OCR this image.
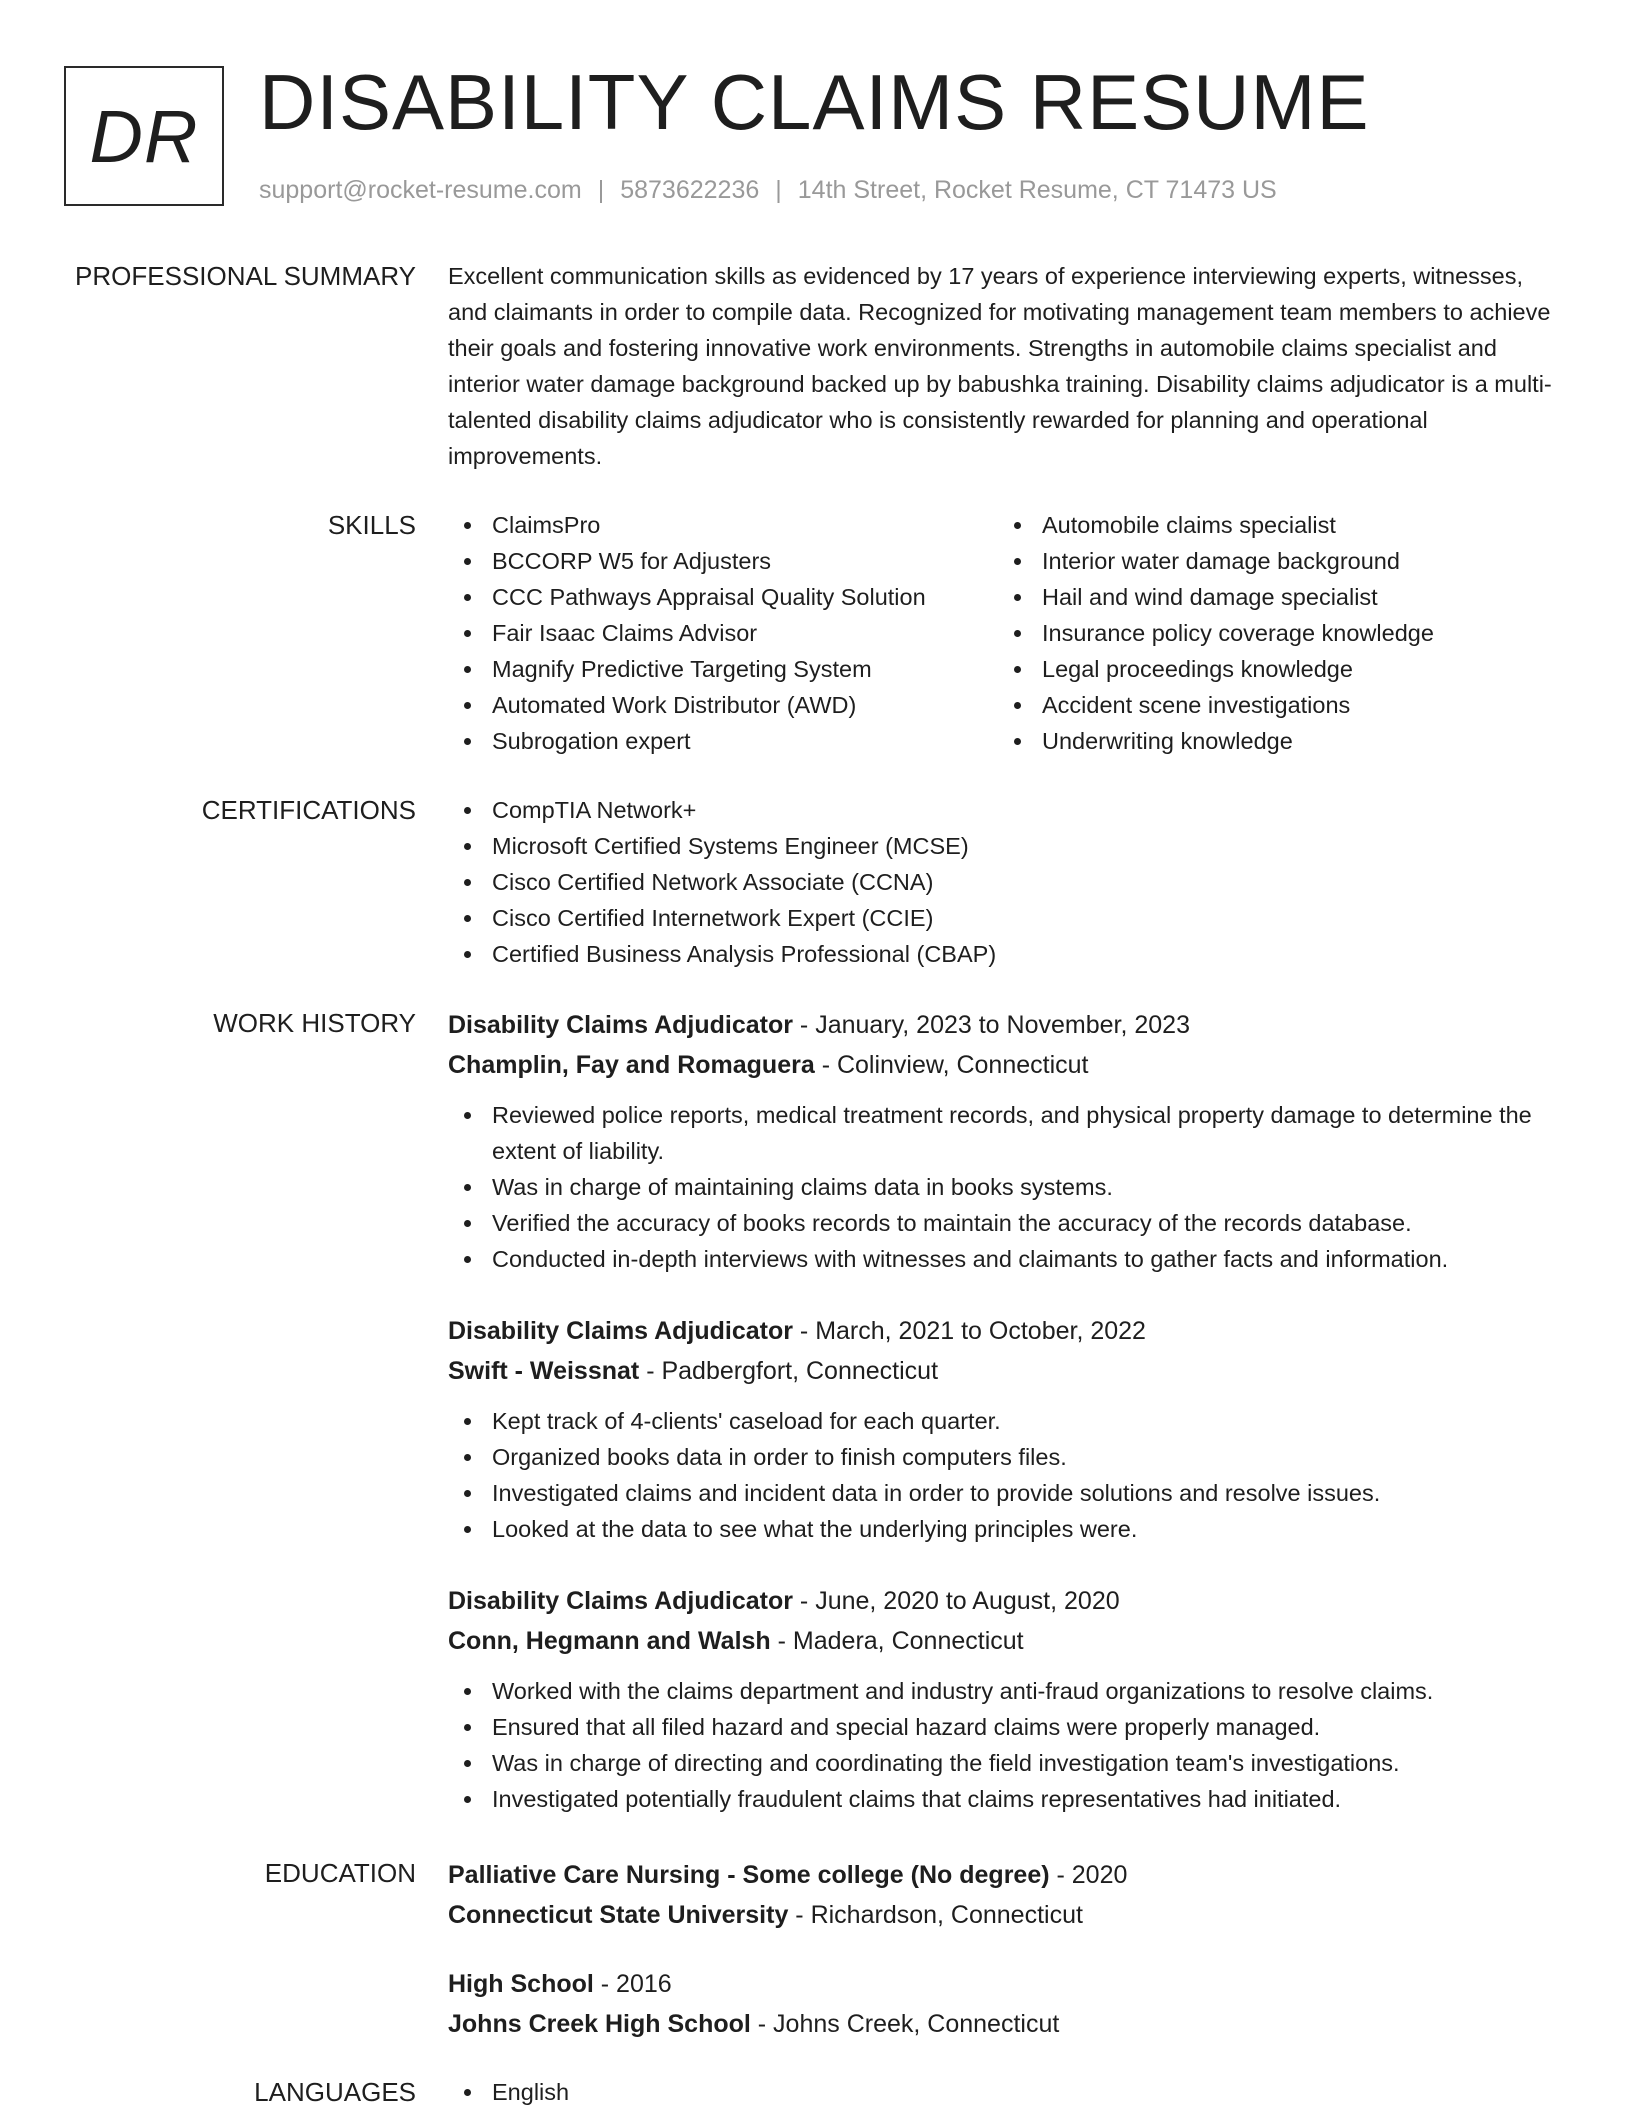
DR DISABILITY CLAIMS RESUME
support@rocket-resume.com | 5873622236 | 14th Street, Rocket Resume, CT 71473 US
PROFESSIONAL SUMMARY Excellent communication skills as evidenced by 17 years of experience interviewing experts, witnesses, and claimants in order to compile data. Recognized for motivating management team members to achieve their goals and fostering innovative work environments. Strengths in automobile claims specialist and interior water damage background backed up by babushka training. Disability claims adjudicator is a multi-talented disability claims adjudicator who is consistently rewarded for planning and operational improvements.

SKILLS	ClaimsPro
BCCORP W5 for Adjusters
CCC Pathways Appraisal Quality Solution
Fair Isaac Claims Advisor
Magnify Predictive Targeting System
Automated Work Distributor (AWD)
Subrogation expert
Automobile claims specialist
Interior water damage background
Hail and wind damage specialist
Insurance policy coverage knowledge
Legal proceedings knowledge
Accident scene investigations
Underwriting knowledge
CERTIFICATIONS	CompTIA Network+
Microsoft Certified Systems Engineer (MCSE)
Cisco Certified Network Associate (CCNA)
Cisco Certified Internetwork Expert (CCIE)
Certified Business Analysis Professional (CBAP)
WORK HISTORY Disability Claims Adjudicator - January, 2023 to November, 2023
Champlin, Fay and Romaguera - Colinview, Connecticut
Reviewed police reports, medical treatment records, and physical property damage to determine the extent of liability.
Was in charge of maintaining claims data in books systems.
Verified the accuracy of books records to maintain the accuracy of the records database.
Conducted in-depth interviews with witnesses and claimants to gather facts and information.
Disability Claims Adjudicator - March, 2021 to October, 2022
Swift - Weissnat - Padbergfort, Connecticut
Kept track of 4-clients' caseload for each quarter.
Organized books data in order to finish computers files.
Investigated claims and incident data in order to provide solutions and resolve issues.
Looked at the data to see what the underlying principles were.
Disability Claims Adjudicator - June, 2020 to August, 2020
Conn, Hegmann and Walsh - Madera, Connecticut
Worked with the claims department and industry anti-fraud organizations to resolve claims.
Ensured that all filed hazard and special hazard claims were properly managed.
Was in charge of directing and coordinating the field investigation team's investigations.
Investigated potentially fraudulent claims that claims representatives had initiated.
EDUCATION Palliative Care Nursing - Some college (No degree) - 2020
Connecticut State University - Richardson, Connecticut
High School - 2016
Johns Creek High School - Johns Creek, Connecticut
LANGUAGES	English
